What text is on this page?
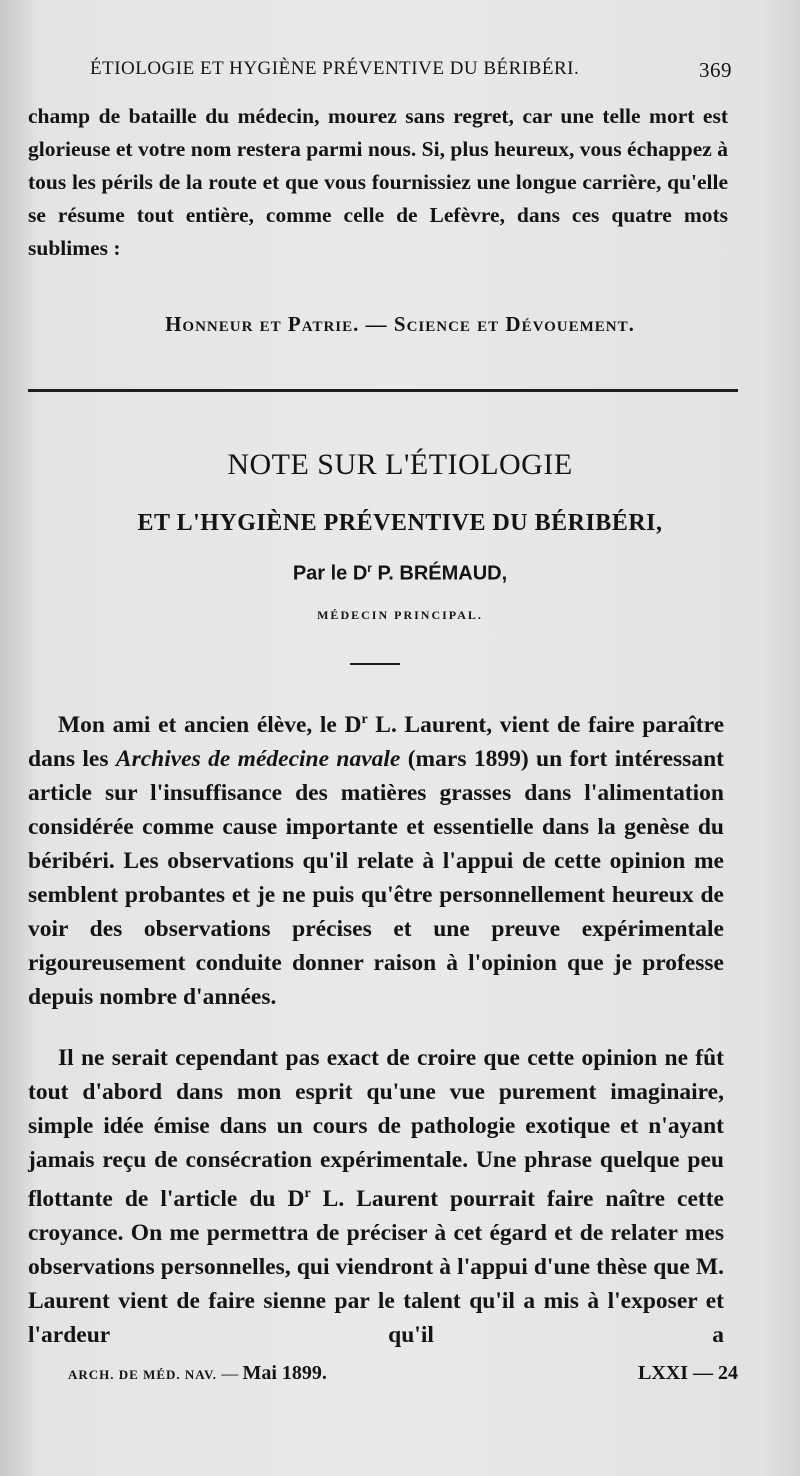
ÉTIOLOGIE ET HYGIÈNE PRÉVENTIVE DU BÉRIBÉRI.	369
champ de bataille du médecin, mourez sans regret, car une telle mort est glorieuse et votre nom restera parmi nous. Si, plus heureux, vous échappez à tous les périls de la route et que vous fournissiez une longue carrière, qu'elle se résume tout entière, comme celle de Lefèvre, dans ces quatre mots sublimes :
Honneur et Patrie. — Science et Dévouement.
NOTE SUR L'ÉTIOLOGIE
ET L'HYGIÈNE PRÉVENTIVE DU BÉRIBÉRI,
Par le $D^r$ P. BRÉMAUD,
MÉDECIN PRINCIPAL.

Mon ami et ancien élève, le $D^r$ L. Laurent, vient de faire paraître dans les Archives de médecine navale (mars 1899) un fort intéressant article sur l'insuffisance des matières grasses dans l'alimentation considérée comme cause importante et essentielle dans la genèse du béribéri. Les observations qu'il relate à l'appui de cette opinion me semblent probantes et je ne puis qu'être personnellement heureux de voir des observations précises et une preuve expérimentale rigoureusement conduite donner raison à l'opinion que je professe depuis nombre d'années.

Il ne serait cependant pas exact de croire que cette opinion ne fût tout d'abord dans mon esprit qu'une vue purement imaginaire, simple idée émise dans un cours de pathologie exotique et n'ayant jamais reçu de consécration expérimentale. Une phrase quelque peu flottante de l'article du $D^r$ L. Laurent pourrait faire naître cette croyance. On me permettra de préciser à cet égard et de relater mes observations personnelles, qui viendront à l'appui d'une thèse que M. Laurent vient de faire sienne par le talent qu'il a mis à l'exposer et l'ardeur qu'il a

ARCH. DE MÉD. NAV. — Mai 1899.	LXXI — 24
